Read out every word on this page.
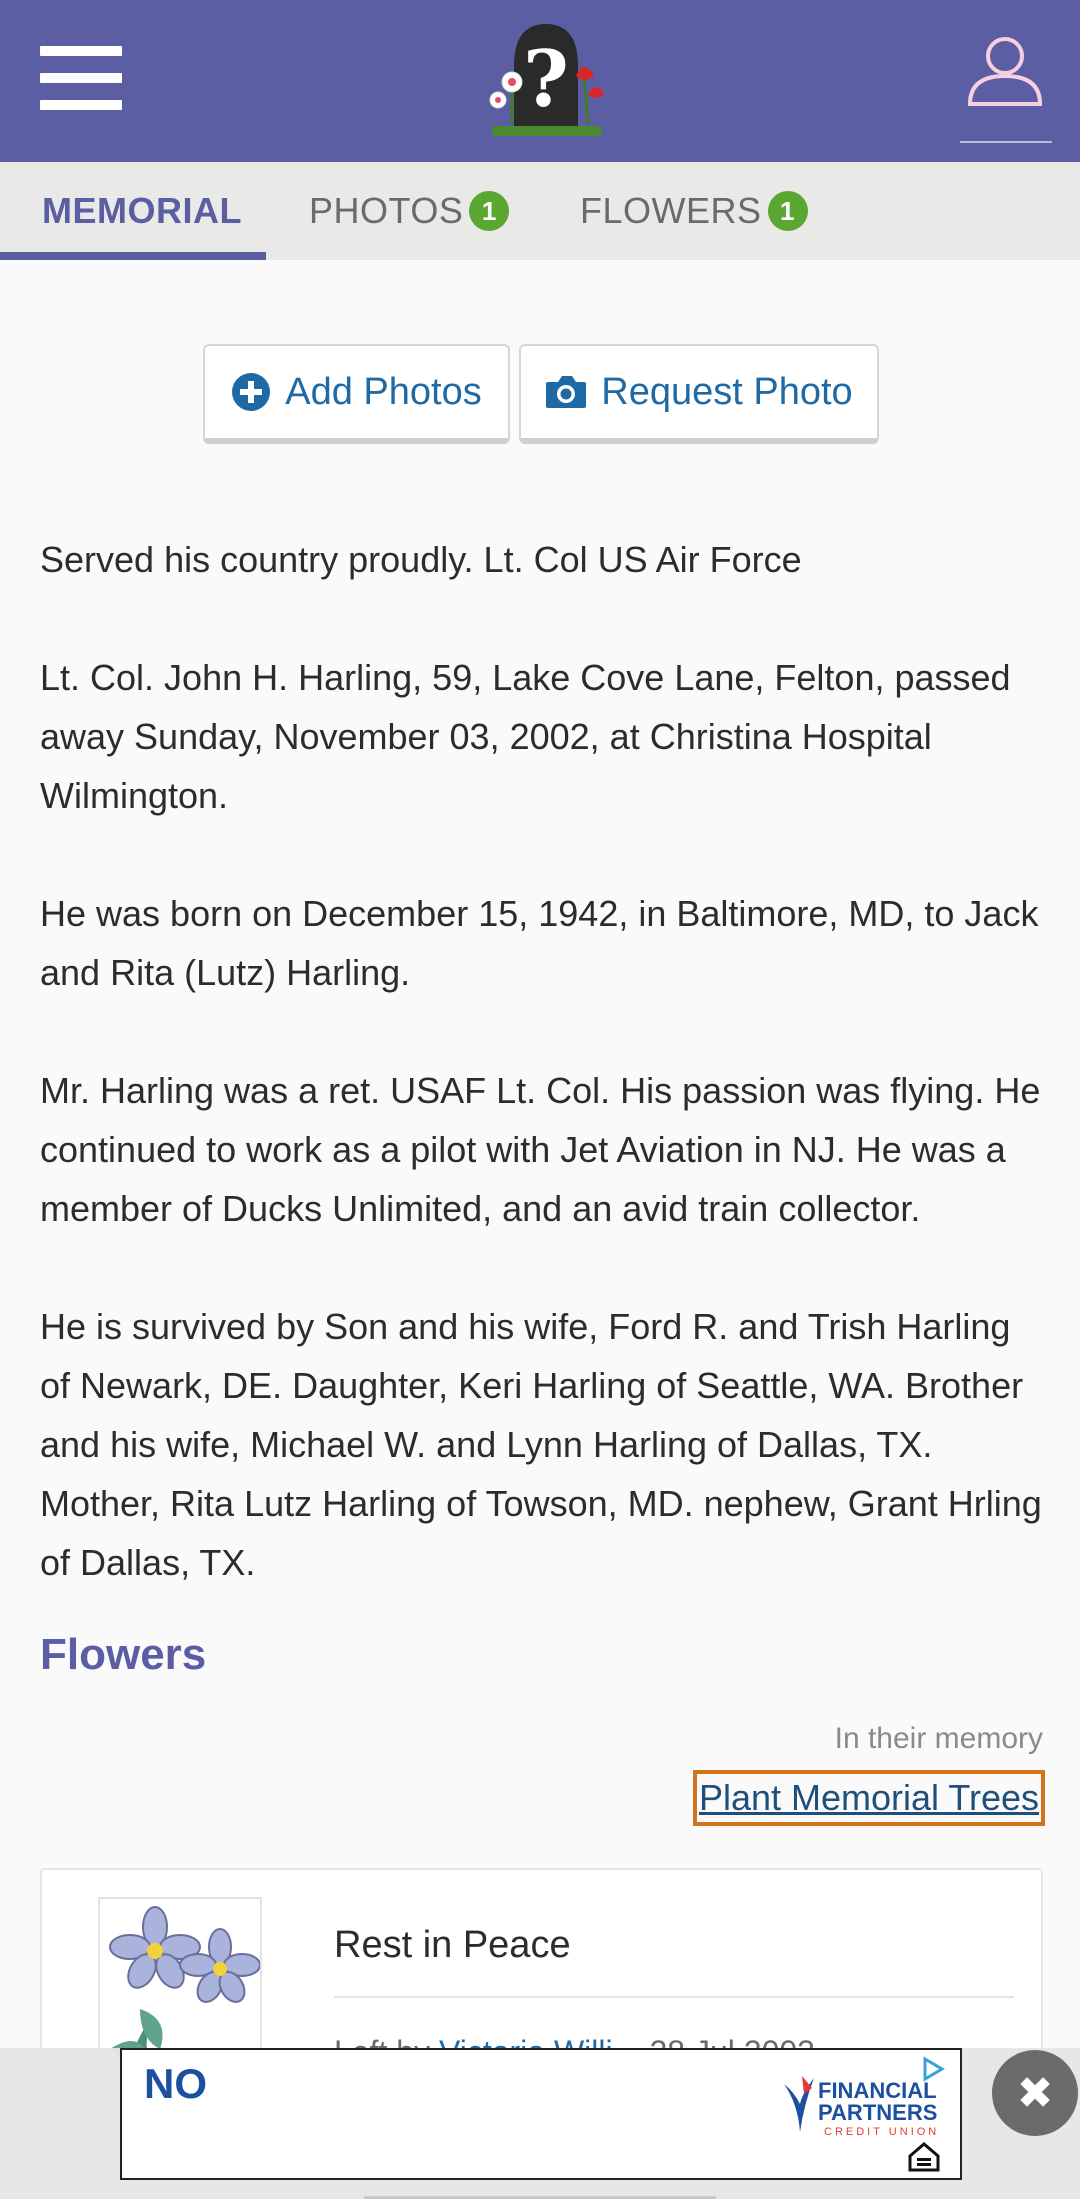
?
MEMORIAL PHOTOS 1	FLOWERS 1
Add Photos	Request Photo

Served his country proudly. Lt. Col US Air Force

Lt. Col. John H. Harling, 59, Lake Cove Lane, Felton, passed away Sunday, November 03, 2002, at Christina Hospital Wilmington.

He was born on December 15, 1942, in Baltimore, MD, to Jack and Rita (Lutz) Harling.

Mr. Harling was a ret. USAF Lt. Col. His passion was flying. He continued to work as a pilot with Jet Aviation in NJ. He was a member of Ducks Unlimited, and an avid train collector.

He is survived by Son and his wife, Ford R. and Trish Harling of Newark, DE. Daughter, Keri Harling of Seattle, WA. Brother and his wife, Michael W. and Lynn Harling of Dallas, TX. Mother, Rita Lutz Harling of Towson, MD. nephew, Grant Hrling of Dallas, TX.

Flowers
In their memory
Plant Memorial Trees
Rest in Peace
NO	FINANCIAL PARTNERS
CREDIT UNION
✖
